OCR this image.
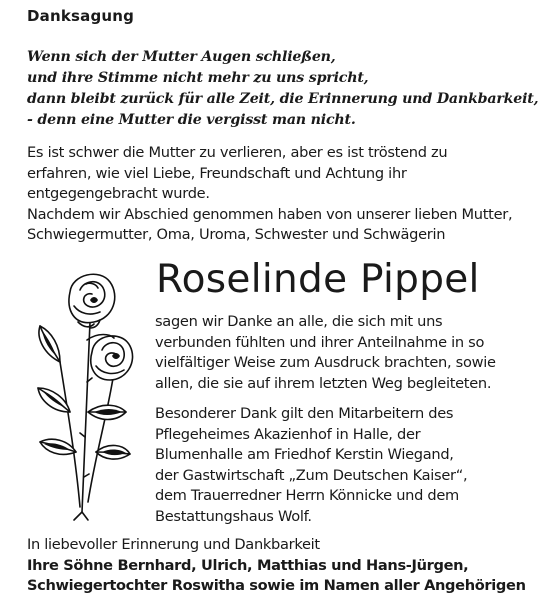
Danksagung
Wenn sich der Mutter Augen schließen,
und ihre Stimme nicht mehr zu uns spricht,
dann bleibt zurück für alle Zeit, die Erinnerung und Dankbarkeit,
- denn eine Mutter die vergisst man nicht.
Es ist schwer die Mutter zu verlieren, aber es ist tröstend zu
erfahren, wie viel Liebe, Freundschaft und Achtung ihr
entgegengebracht wurde.
Nachdem wir Abschied genommen haben von unserer lieben Mutter,
Schwiegermutter, Oma, Uroma, Schwester und Schwägerin
Roselinde Pippel
sagen wir Danke an alle, die sich mit uns
verbunden fühlten und ihrer Anteilnahme in so
vielfältiger Weise zum Ausdruck brachten, sowie
allen, die sie auf ihrem letzten Weg begleiteten.
Besonderer Dank gilt den Mitarbeitern des
Pflegeheimes Akazienhof in Halle, der
Blumenhalle am Friedhof Kerstin Wiegand,
der Gastwirtschaft „Zum Deutschen Kaiser“,
dem Trauerredner Herrn Könnicke und dem
Bestattungshaus Wolf.
In liebevoller Erinnerung und Dankbarkeit
Ihre Söhne Bernhard, Ulrich, Matthias und Hans-Jürgen,
Schwiegertochter Roswitha sowie im Namen aller Angehörigen
